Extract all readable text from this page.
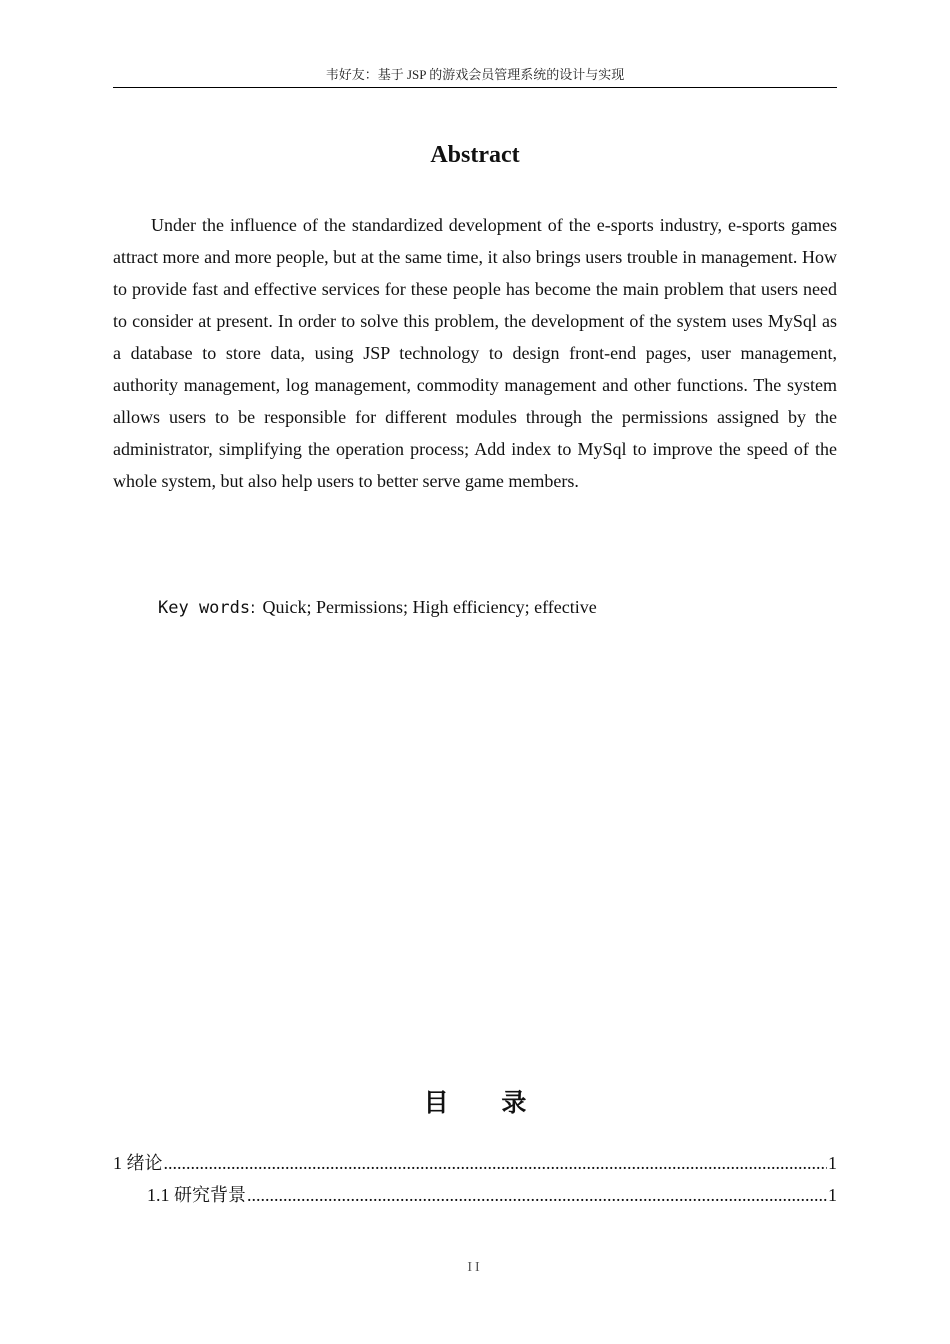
韦好友：基于 JSP 的游戏会员管理系统的设计与实现
Abstract

Under the influence of the standardized development of the e-sports industry, e-sports games attract more and more people, but at the same time, it also brings users trouble in management. How to provide fast and effective services for these people has become the main problem that users need to consider at present. In order to solve this problem, the development of the system uses MySql as a database to store data, using JSP technology to design front-end pages, user management, authority management, log management, commodity management and other functions. The system allows users to be responsible for different modules through the permissions assigned by the administrator, simplifying the operation process; Add index to MySql to improve the speed of the whole system, but also help users to better serve game members.

Key words: Quick; Permissions; High efficiency; effective
目 录
1 绪论 .....	1
1.1 研究背景 .....	1
II
